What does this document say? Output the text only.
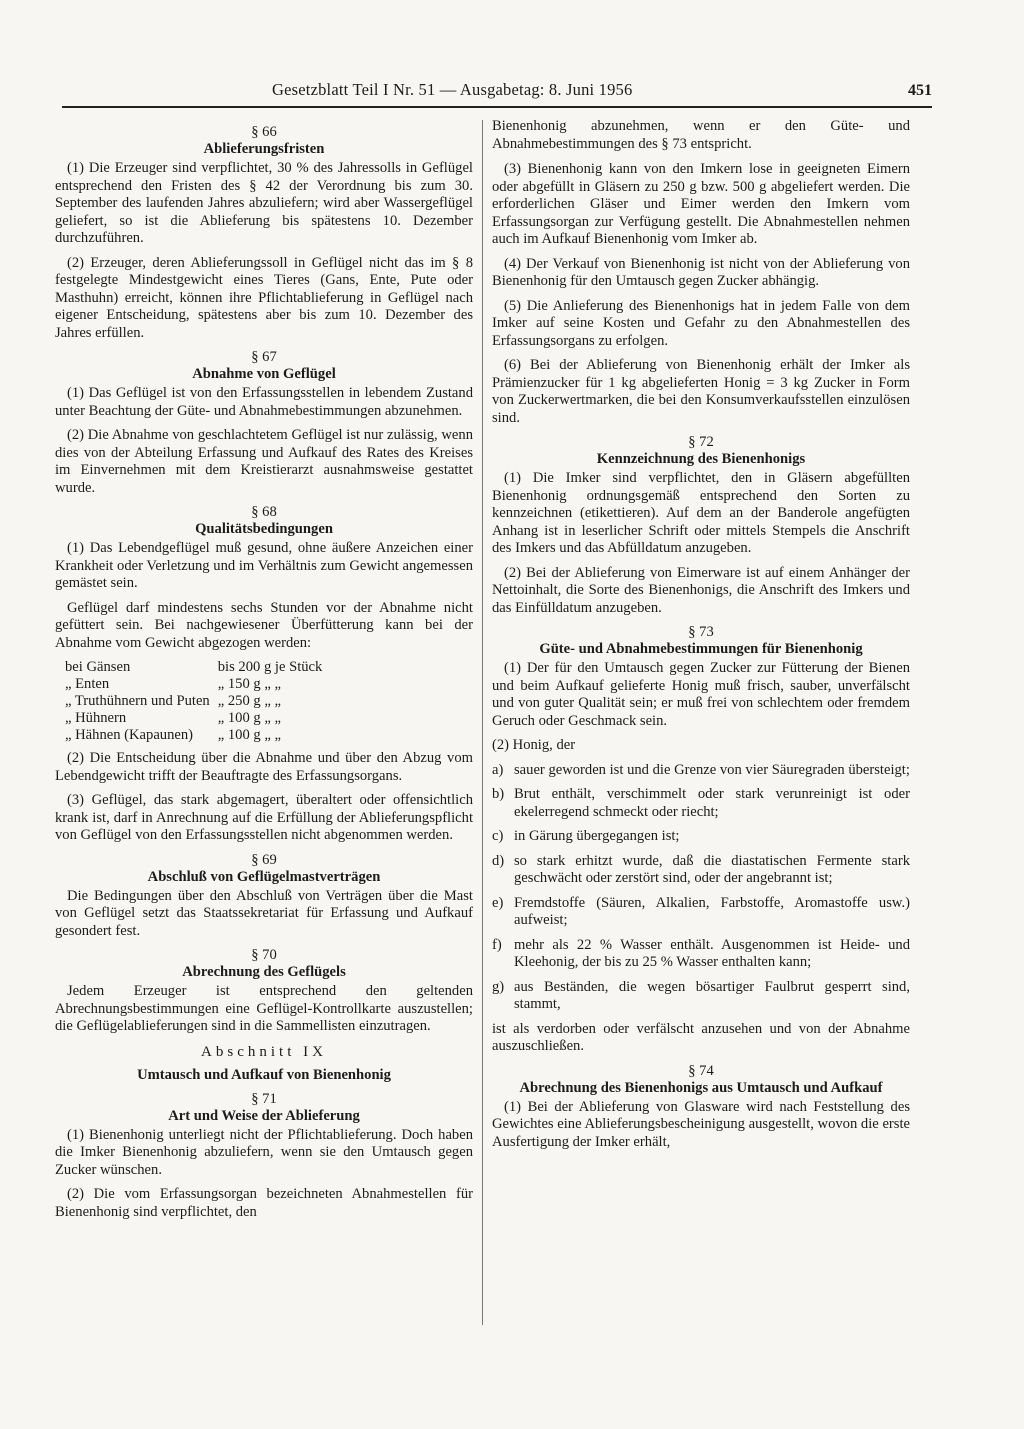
Gesetzblatt Teil I Nr. 51 — Ausgabetag: 8. Juni 1956	451
§ 66
Ablieferungsfristen

(1) Die Erzeuger sind verpflichtet, 30 % des Jahressolls in Geflügel entsprechend den Fristen des § 42 der Verordnung bis zum 30. September des laufenden Jahres abzuliefern; wird aber Wassergeflügel geliefert, so ist die Ablieferung bis spätestens 10. Dezember durchzuführen.

(2) Erzeuger, deren Ablieferungssoll in Geflügel nicht das im § 8 festgelegte Mindestgewicht eines Tieres (Gans, Ente, Pute oder Masthuhn) erreicht, können ihre Pflichtablieferung in Geflügel nach eigener Entscheidung, spätestens aber bis zum 10. Dezember des Jahres erfüllen.

§ 67
Abnahme von Geflügel

(1) Das Geflügel ist von den Erfassungsstellen in lebendem Zustand unter Beachtung der Güte- und Abnahmebestimmungen abzunehmen.

(2) Die Abnahme von geschlachtetem Geflügel ist nur zulässig, wenn dies von der Abteilung Erfassung und Aufkauf des Rates des Kreises im Einvernehmen mit dem Kreistierarzt ausnahmsweise gestattet wurde.

§ 68
Qualitätsbedingungen

(1) Das Lebendgeflügel muß gesund, ohne äußere Anzeichen einer Krankheit oder Verletzung und im Verhältnis zum Gewicht angemessen gemästet sein.

Geflügel darf mindestens sechs Stunden vor der Abnahme nicht gefüttert sein. Bei nachgewiesener Überfütterung kann bei der Abnahme vom Gewicht abgezogen werden:

bei Gänsen	bis 200 g je Stück
„ Enten	„ 150 g „ „
„ Truthühnern und Puten	„ 250 g „ „
„ Hühnern	„ 100 g „ „
„ Hähnen (Kapaunen)	„ 100 g „ „

(2) Die Entscheidung über die Abnahme und über den Abzug vom Lebendgewicht trifft der Beauftragte des Erfassungsorgans.

(3) Geflügel, das stark abgemagert, überaltert oder offensichtlich krank ist, darf in Anrechnung auf die Erfüllung der Ablieferungspflicht von Geflügel von den Erfassungsstellen nicht abgenommen werden.

§ 69
Abschluß von Geflügelmastverträgen

Die Bedingungen über den Abschluß von Verträgen über die Mast von Geflügel setzt das Staatssekretariat für Erfassung und Aufkauf gesondert fest.

§ 70
Abrechnung des Geflügels

Jedem Erzeuger ist entsprechend den geltenden Abrechnungsbestimmungen eine Geflügel-Kontrollkarte auszustellen; die Geflügelablieferungen sind in die Sammellisten einzutragen.

Abschnitt IX
Umtausch und Aufkauf von Bienenhonig
§ 71
Art und Weise der Ablieferung

(1) Bienenhonig unterliegt nicht der Pflichtablieferung. Doch haben die Imker Bienenhonig abzuliefern, wenn sie den Umtausch gegen Zucker wünschen.

(2) Die vom Erfassungsorgan bezeichneten Abnahmestellen für Bienenhonig sind verpflichtet, den

Bienenhonig abzunehmen, wenn er den Güte- und Abnahmebestimmungen des § 73 entspricht.

(3) Bienenhonig kann von den Imkern lose in geeigneten Eimern oder abgefüllt in Gläsern zu 250 g bzw. 500 g abgeliefert werden. Die erforderlichen Gläser und Eimer werden den Imkern vom Erfassungsorgan zur Verfügung gestellt. Die Abnahmestellen nehmen auch im Aufkauf Bienenhonig vom Imker ab.

(4) Der Verkauf von Bienenhonig ist nicht von der Ablieferung von Bienenhonig für den Umtausch gegen Zucker abhängig.

(5) Die Anlieferung des Bienenhonigs hat in jedem Falle von dem Imker auf seine Kosten und Gefahr zu den Abnahmestellen des Erfassungsorgans zu erfolgen.

(6) Bei der Ablieferung von Bienenhonig erhält der Imker als Prämienzucker für 1 kg abgelieferten Honig = 3 kg Zucker in Form von Zuckerwertmarken, die bei den Konsumverkaufsstellen einzulösen sind.

§ 72
Kennzeichnung des Bienenhonigs

(1) Die Imker sind verpflichtet, den in Gläsern abgefüllten Bienenhonig ordnungsgemäß entsprechend den Sorten zu kennzeichnen (etikettieren). Auf dem an der Banderole angefügten Anhang ist in leserlicher Schrift oder mittels Stempels die Anschrift des Imkers und das Abfülldatum anzugeben.

(2) Bei der Ablieferung von Eimerware ist auf einem Anhänger der Nettoinhalt, die Sorte des Bienenhonigs, die Anschrift des Imkers und das Einfülldatum anzugeben.

§ 73
Güte- und Abnahmebestimmungen für Bienenhonig

(1) Der für den Umtausch gegen Zucker zur Fütterung der Bienen und beim Aufkauf gelieferte Honig muß frisch, sauber, unverfälscht und von guter Qualität sein; er muß frei von schlechtem oder fremdem Geruch oder Geschmack sein.

(2) Honig, der
a) sauer geworden ist und die Grenze von vier Säuregraden übersteigt;
b) Brut enthält, verschimmelt oder stark verunreinigt ist oder ekelerregend schmeckt oder riecht;
c) in Gärung übergegangen ist;
d) so stark erhitzt wurde, daß die diastatischen Fermente stark geschwächt oder zerstört sind, oder der angebrannt ist;
e) Fremdstoffe (Säuren, Alkalien, Farbstoffe, Aromastoffe usw.) aufweist;
f) mehr als 22 % Wasser enthält. Ausgenommen ist Heide- und Kleehonig, der bis zu 25 % Wasser enthalten kann;
g) aus Beständen, die wegen bösartiger Faulbrut gesperrt sind, stammt,
ist als verdorben oder verfälscht anzusehen und von der Abnahme auszuschließen.
§ 74
Abrechnung des Bienenhonigs aus Umtausch und Aufkauf

(1) Bei der Ablieferung von Glasware wird nach Feststellung des Gewichtes eine Ablieferungsbescheinigung ausgestellt, wovon die erste Ausfertigung der Imker erhält,
